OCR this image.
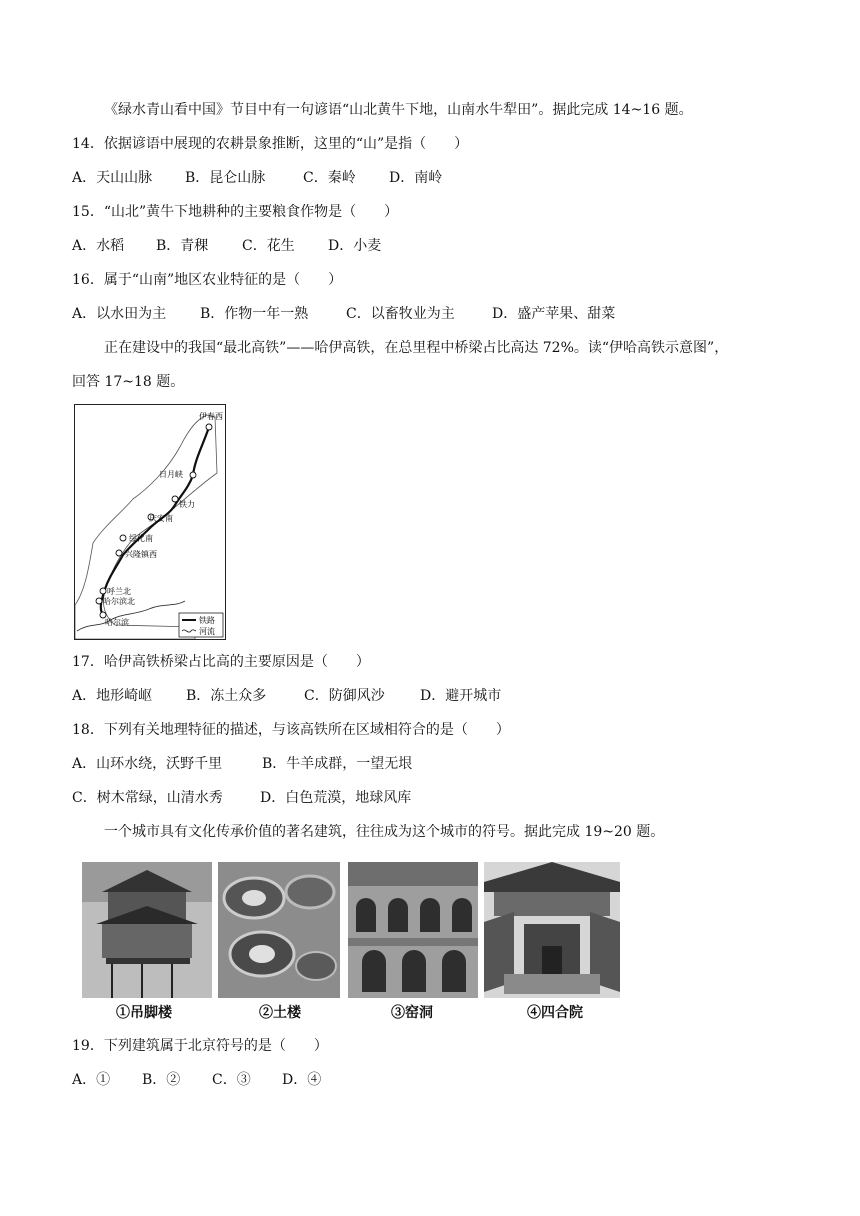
《绿水青山看中国》节目中有一句谚语“山北黄牛下地，山南水牛犁田”。据此完成 14~16 题。
14．依据谚语中展现的农耕景象推断，这里的“山”是指（　　）
A．天山山脉 B．昆仑山脉	C．秦岭 D．南岭
15．“山北”黄牛下地耕种的主要粮食作物是（　　）
A．水稻 B．青稞 C．花生 D．小麦
16．属于“山南”地区农业特征的是（　　）
A．以水田为主 B．作物一年一熟	C．以畜牧业为主	D．盛产苹果、甜菜
正在建设中的我国“最北高铁”——哈伊高铁，在总里程中桥梁占比高达 72%。读“伊哈高铁示意图”，
回答 17~18 题。
伊春西
日月峡
铁力
庆安南
绥化南
兴隆镇西
呼兰北
哈尔滨北
哈尔滨	铁路
河流
17．哈伊高铁桥梁占比高的主要原因是（　　）
A．地形崎岖 B．冻土众多	C．防御风沙	D．避开城市
18．下列有关地理特征的描述，与该高铁所在区域相符合的是（　　）
A．山环水绕，沃野千里	B．牛羊成群，一望无垠
C．树木常绿，山清水秀	D．白色荒漠，地球风库
一个城市具有文化传承价值的著名建筑，往往成为这个城市的符号。据此完成 19~20 题。
①吊脚楼	②土楼	③窑洞	④四合院
19．下列建筑属于北京符号的是（　　）
A．① B．② C．③ D．④
